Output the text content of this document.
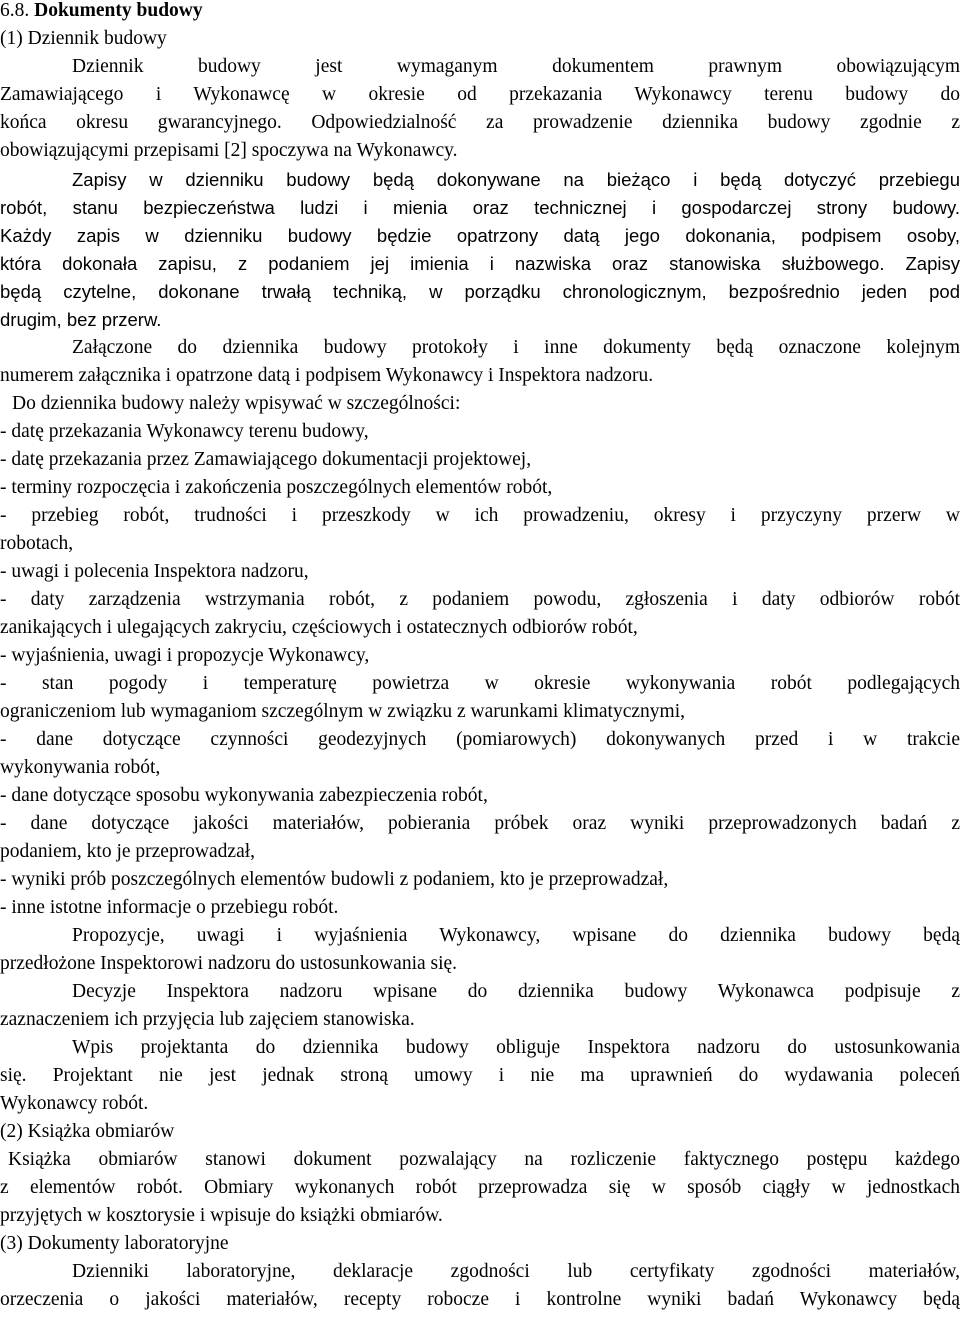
6.8. Dokumenty budowy
(1) Dziennik budowy
Dziennik budowy jest wymaganym dokumentem prawnym obowiązującym
Zamawiającego i Wykonawcę w okresie od przekazania Wykonawcy terenu budowy do
końca okresu gwarancyjnego. Odpowiedzialność za prowadzenie dziennika budowy zgodnie z
obowiązującymi przepisami [2] spoczywa na Wykonawcy.
Zapisy w dzienniku budowy będą dokonywane na bieżąco i będą dotyczyć przebiegu
robót, stanu bezpieczeństwa ludzi i mienia oraz technicznej i gospodarczej strony budowy.
Każdy zapis w dzienniku budowy będzie opatrzony datą jego dokonania, podpisem osoby,
która dokonała zapisu, z podaniem jej imienia i nazwiska oraz stanowiska służbowego. Zapisy
będą czytelne, dokonane trwałą techniką, w porządku chronologicznym, bezpośrednio jeden pod
drugim, bez przerw.
Załączone do dziennika budowy protokoły i inne dokumenty będą oznaczone kolejnym
numerem załącznika i opatrzone datą i podpisem Wykonawcy i Inspektora nadzoru.
Do dziennika budowy należy wpisywać w szczególności:
- datę przekazania Wykonawcy terenu budowy,
- datę przekazania przez Zamawiającego dokumentacji projektowej,
- terminy rozpoczęcia i zakończenia poszczególnych elementów robót,
- przebieg robót, trudności i przeszkody w ich prowadzeniu, okresy i przyczyny przerw w
robotach,
- uwagi i polecenia Inspektora nadzoru,
- daty zarządzenia wstrzymania robót, z podaniem powodu, zgłoszenia i daty odbiorów robót
zanikających i ulegających zakryciu, częściowych i ostatecznych odbiorów robót,
- wyjaśnienia, uwagi i propozycje Wykonawcy,
- stan pogody i temperaturę powietrza w okresie wykonywania robót podlegających
ograniczeniom lub wymaganiom szczególnym w związku z warunkami klimatycznymi,
- dane dotyczące czynności geodezyjnych (pomiarowych) dokonywanych przed i w trakcie
wykonywania robót,
- dane dotyczące sposobu wykonywania zabezpieczenia robót,
- dane dotyczące jakości materiałów, pobierania próbek oraz wyniki przeprowadzonych badań z
podaniem, kto je przeprowadzał,
- wyniki prób poszczególnych elementów budowli z podaniem, kto je przeprowadzał,
- inne istotne informacje o przebiegu robót.
Propozycje, uwagi i wyjaśnienia Wykonawcy, wpisane do dziennika budowy będą
przedłożone Inspektorowi nadzoru do ustosunkowania się.
Decyzje Inspektora nadzoru wpisane do dziennika budowy Wykonawca podpisuje z
zaznaczeniem ich przyjęcia lub zajęciem stanowiska.
Wpis projektanta do dziennika budowy obliguje Inspektora nadzoru do ustosunkowania
się. Projektant nie jest jednak stroną umowy i nie ma uprawnień do wydawania poleceń
Wykonawcy robót.
(2) Książka obmiarów
Książka obmiarów stanowi dokument pozwalający na rozliczenie faktycznego postępu każdego
z elementów robót. Obmiary wykonanych robót przeprowadza się w sposób ciągły w jednostkach
przyjętych w kosztorysie i wpisuje do książki obmiarów.
(3) Dokumenty laboratoryjne
Dzienniki laboratoryjne, deklaracje zgodności lub certyfikaty zgodności materiałów,
orzeczenia o jakości materiałów, recepty robocze i kontrolne wyniki badań Wykonawcy będą
